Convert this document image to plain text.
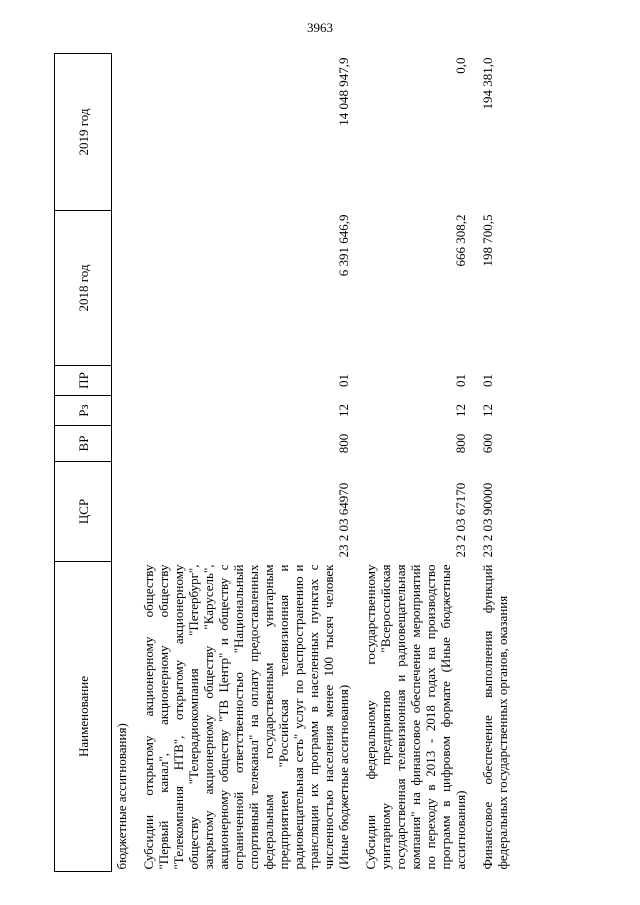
3963
Наименование	ЦСР	ВР	Рз	ПР	2018 год	2019 год
бюджетные ассигнования)						
Субсидии открытому акционерному обществу "Первый канал", акционерному обществу "Телекомпания НТВ", открытому акционерному обществу "Телерадиокомпания "Петербург", закрытому акционерному обществу "Карусель", акционерному обществу "ТВ Центр" и обществу с ограниченной ответственностью "Национальный спортивный телеканал" на оплату предоставленных федеральным государственным унитарным предприятием "Российская телевизионная и радиовещательная сеть" услуг по распространению и трансляции их программ в населенных пунктах с численностью населения менее 100 тысяч человек (Иные бюджетные ассигнования)	23 2 03 64970	800	12	01	6 391 646,9	14 048 947,9
Субсидии федеральному государственному унитарному предприятию "Всероссийская государственная телевизионная и радиовещательная компания" на финансовое обеспечение мероприятий по переходу в 2013 - 2018 годах на производство программ в цифровом формате (Иные бюджетные ассигнования)	23 2 03 67170	800	12	01	666 308,2	0,0
Финансовое обеспечение выполнения функций федеральных государственных органов, оказания	23 2 03 90000	600	12	01	198 700,5	194 381,0
